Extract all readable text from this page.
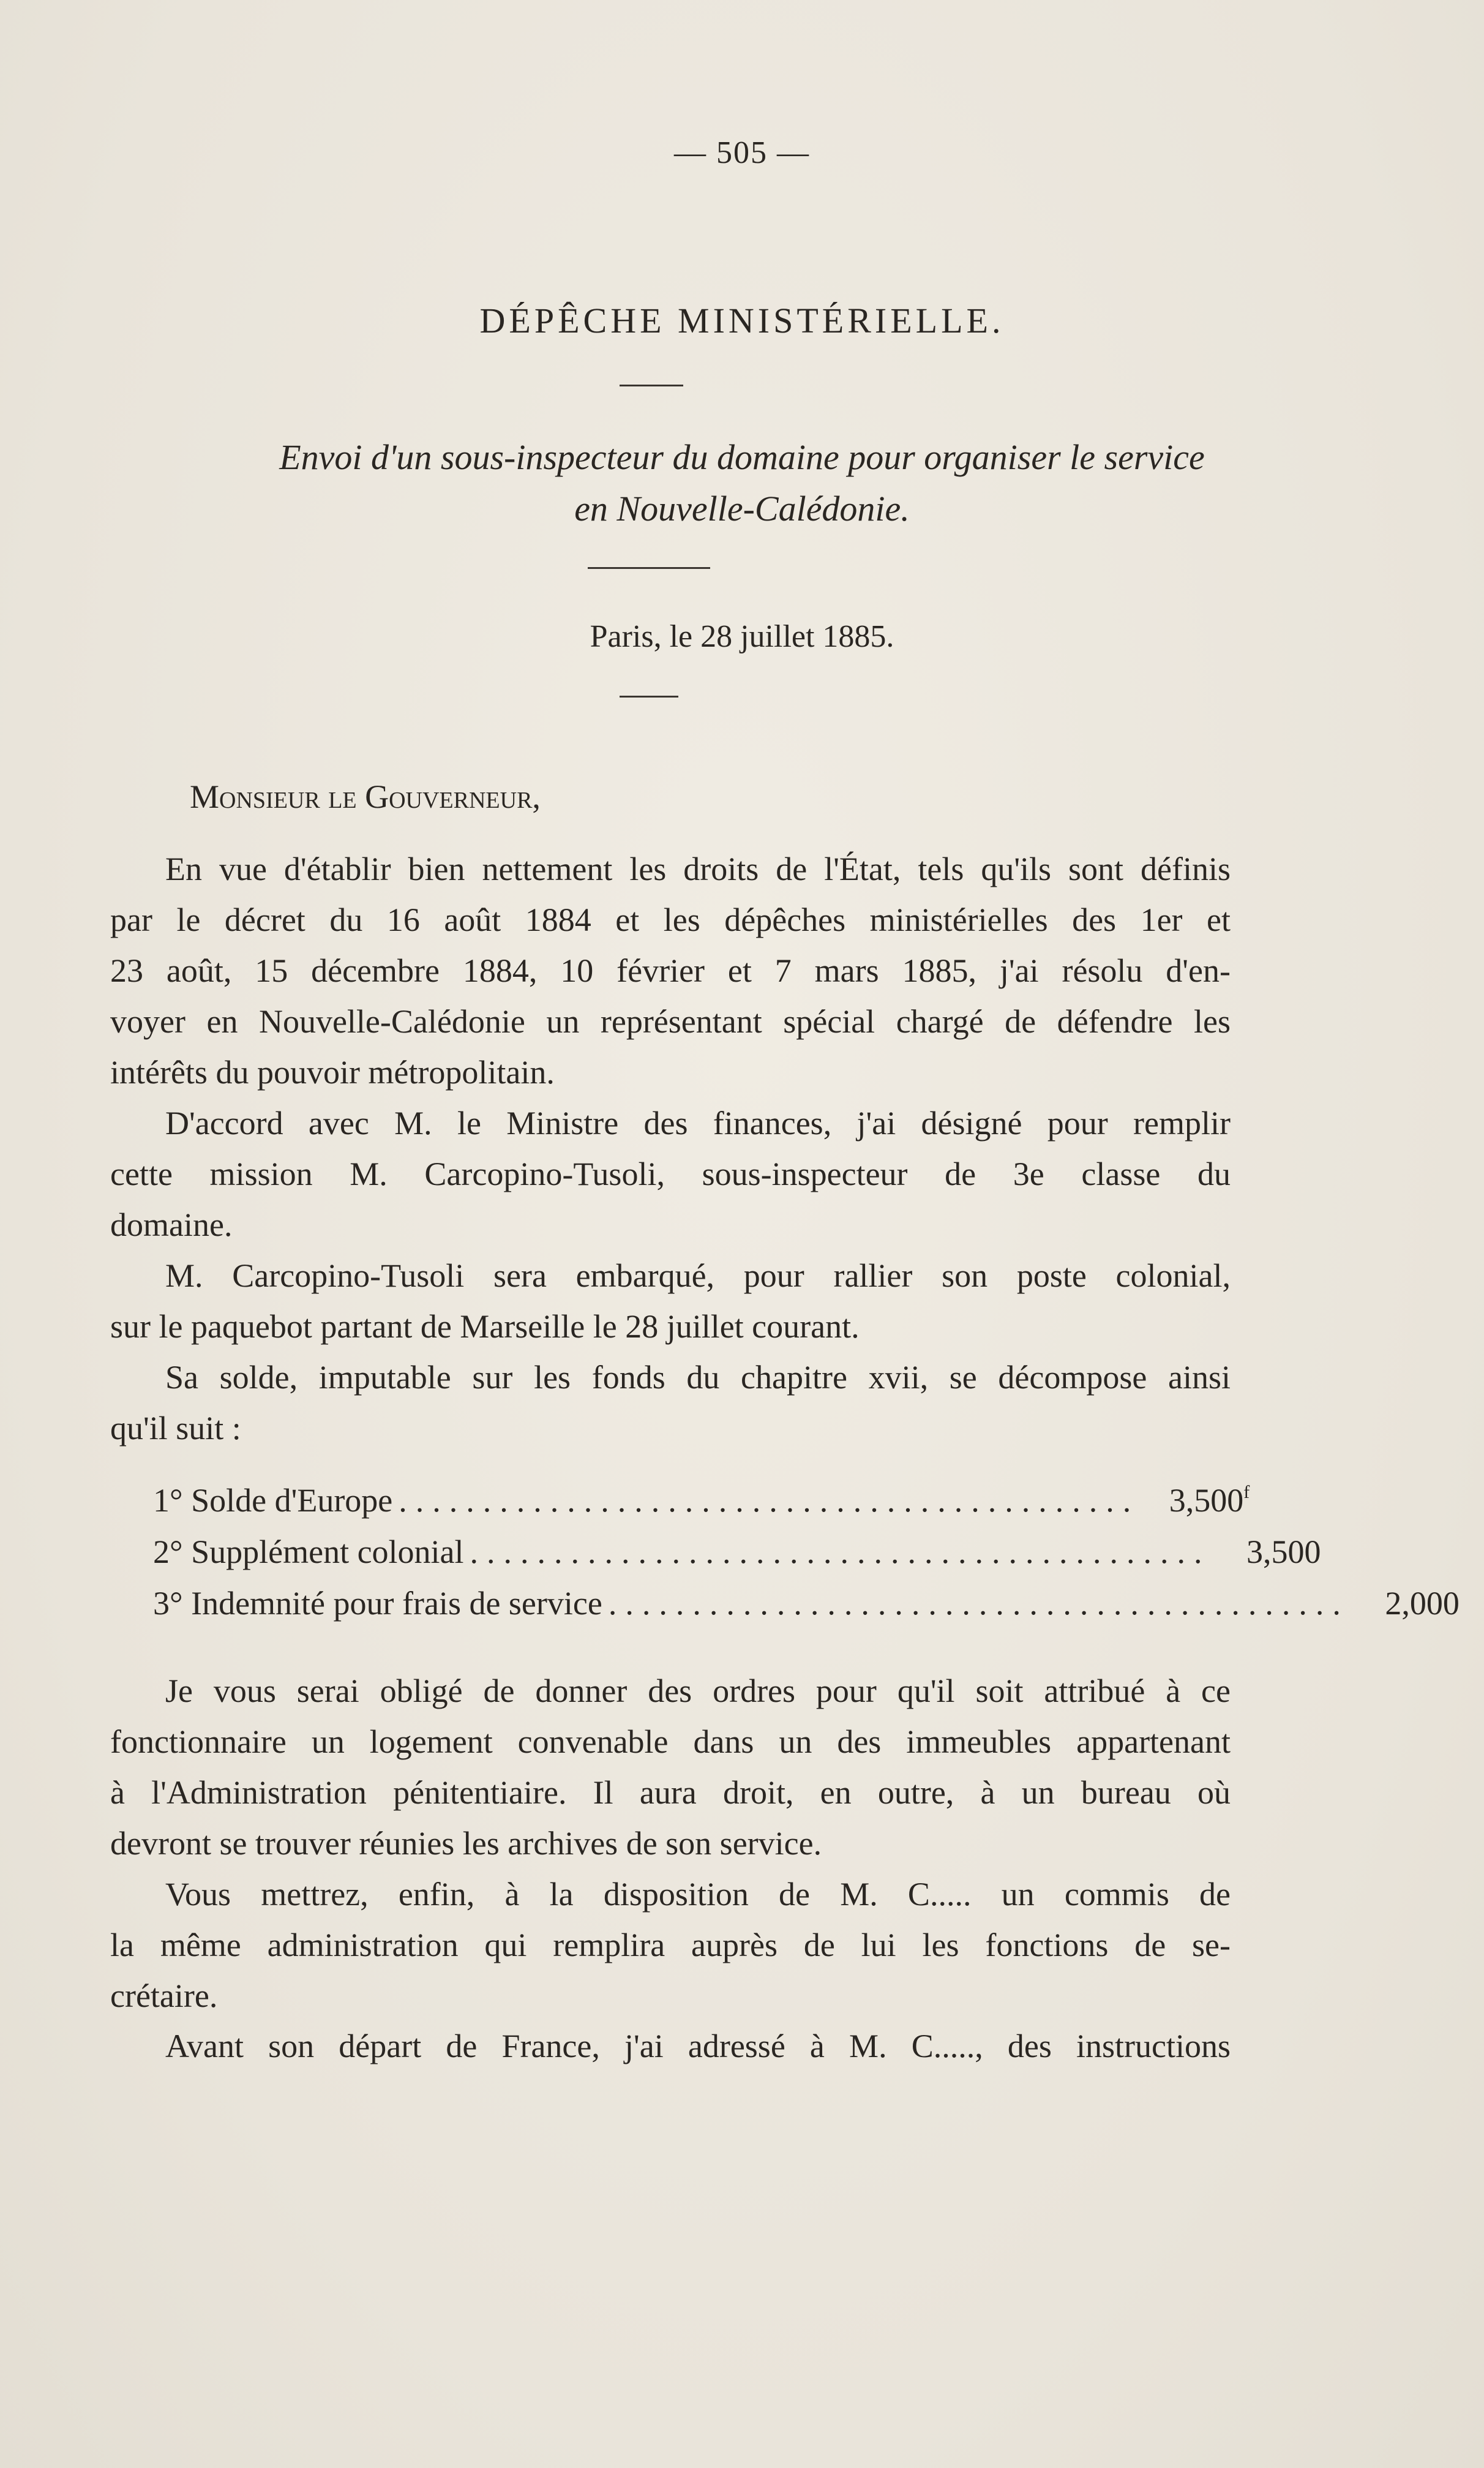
— 505 —
DÉPÊCHE MINISTÉRIELLE.
Envoi d'un sous-inspecteur du domaine pour organiser le service
en Nouvelle-Calédonie.
Paris, le 28 juillet 1885.
Monsieur le Gouverneur,
En vue d'établir bien nettement les droits de l'État, tels qu'ils sont définis
par le décret du 16 août 1884 et les dépêches ministérielles des 1er et
23 août, 15 décembre 1884, 10 février et 7 mars 1885, j'ai résolu d'en-
voyer en Nouvelle-Calédonie un représentant spécial chargé de défendre les
intérêts du pouvoir métropolitain.
D'accord avec M. le Ministre des finances, j'ai désigné pour remplir
cette mission M. Carcopino-Tusoli, sous-inspecteur de 3e classe du
domaine.
M. Carcopino-Tusoli sera embarqué, pour rallier son poste colonial,
sur le paquebot partant de Marseille le 28 juillet courant.
Sa solde, imputable sur les fonds du chapitre xvii, se décompose ainsi
qu'il suit :
1° Solde d'Europe ............................................ 3,500$^f$
2° Supplément colonial ............................................	3,500
3° Indemnité pour frais de service ............................................	2,000
Je vous serai obligé de donner des ordres pour qu'il soit attribué à ce
fonctionnaire un logement convenable dans un des immeubles appartenant
à l'Administration pénitentiaire. Il aura droit, en outre, à un bureau où
devront se trouver réunies les archives de son service.
Vous mettrez, enfin, à la disposition de M. C..... un commis de
la même administration qui remplira auprès de lui les fonctions de se-
crétaire.
Avant son départ de France, j'ai adressé à M. C....., des instructions
